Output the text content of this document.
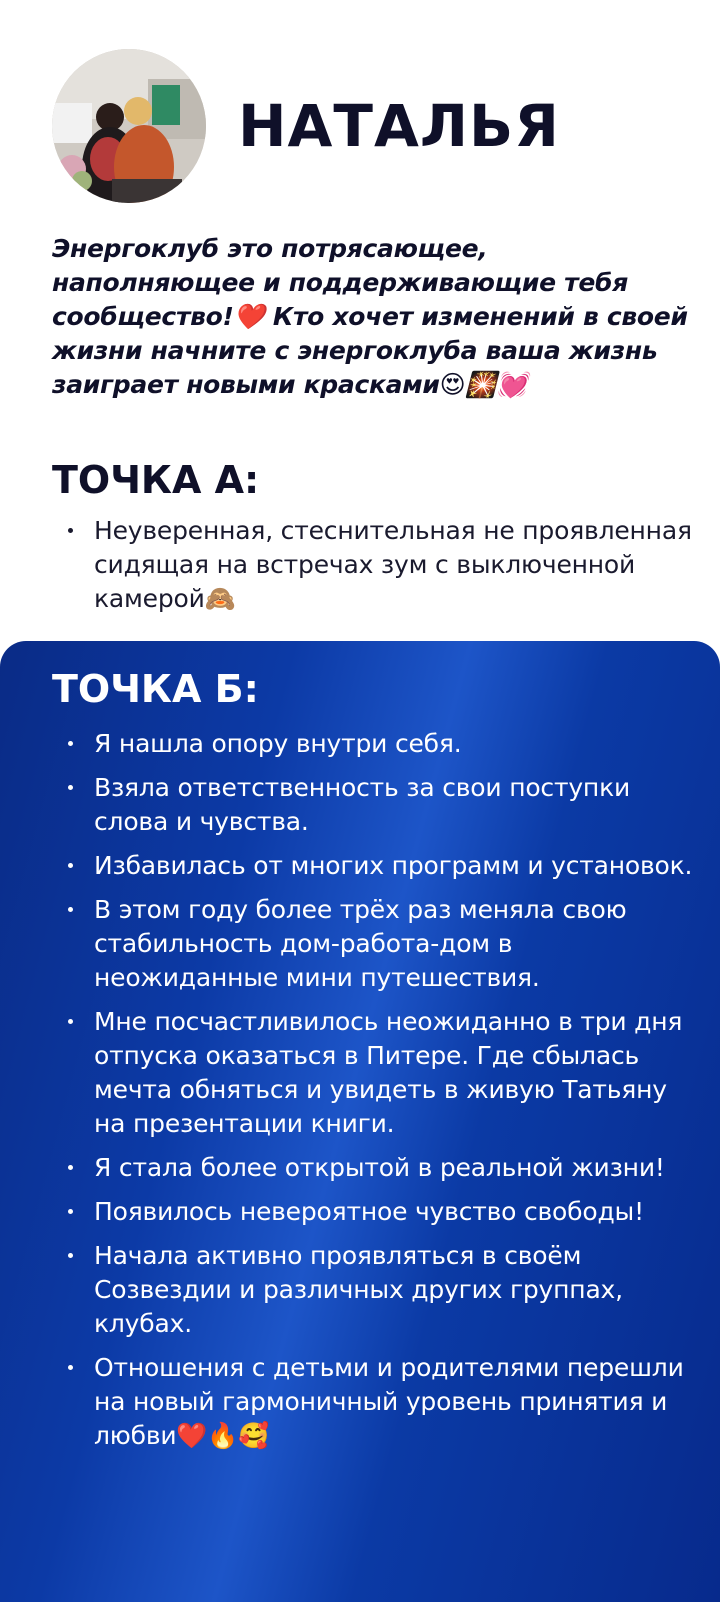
НАТАЛЬЯ
Энергоклуб это потрясающее, наполняющее и поддерживающие тебя сообщество!❤️ Кто хочет изменений в своей жизни начните с энергоклуба ваша жизнь заиграет новыми красками😍🎇💓
ТОЧКА А:
Неуверенная, стеснительная не проявленная сидящая на встречах зум с выключенной камерой🙈
ТОЧКА Б:
Я нашла опору внутри себя.
Взяла ответственность за свои поступки слова и чувства.
Избавилась от многих программ и установок.
В этом году более трёх раз меняла свою стабильность дом-работа-дом в неожиданные мини путешествия.
Мне посчастливилось неожиданно в три дня отпуска оказаться в Питере. Где сбылась мечта обняться и увидеть в живую Татьяну на презентации книги.
Я стала более открытой в реальной жизни!
Появилось невероятное чувство свободы!
Начала активно проявляться в своём Созвездии и различных других группах, клубах.
Отношения с детьми и родителями перешли на новый гармоничный уровень принятия и любви❤️🔥🥰
